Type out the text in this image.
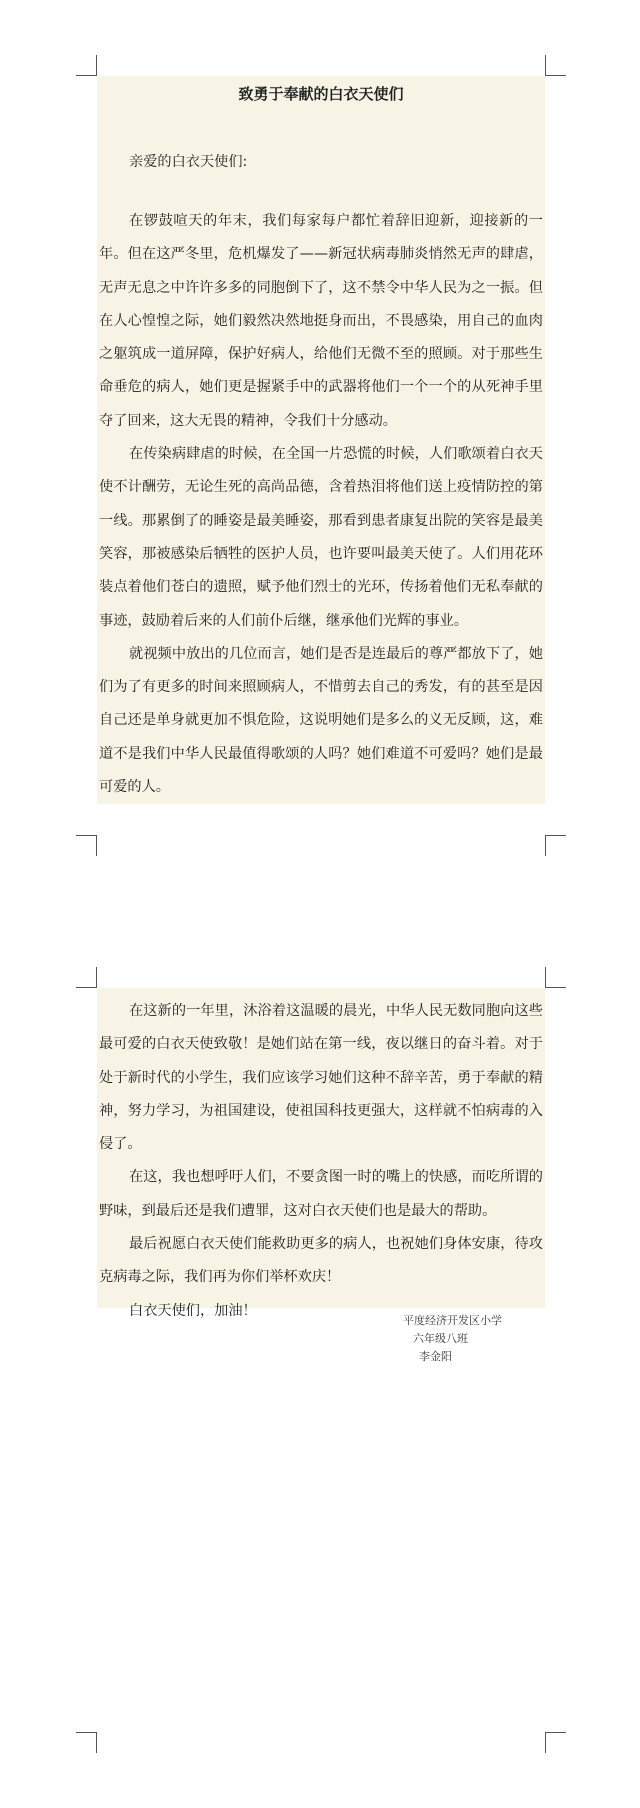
致勇于奉献的白衣天使们

亲爱的白衣天使们:

在锣鼓喧天的年末，我们每家每户都忙着辞旧迎新，迎接新的一年。但在这严冬里，危机爆发了——新冠状病毒肺炎悄然无声的肆虐，无声无息之中许许多多的同胞倒下了，这不禁令中华人民为之一振。但在人心惶惶之际，她们毅然决然地挺身而出，不畏感染，用自己的血肉之躯筑成一道屏障，保护好病人，给他们无微不至的照顾。对于那些生命垂危的病人，她们更是握紧手中的武器将他们一个一个的从死神手里夺了回来，这大无畏的精神，令我们十分感动。

在传染病肆虐的时候，在全国一片恐慌的时候，人们歌颂着白衣天使不计酬劳，无论生死的高尚品德，含着热泪将他们送上疫情防控的第一线。那累倒了的睡姿是最美睡姿，那看到患者康复出院的笑容是最美笑容，那被感染后牺牲的医护人员，也许要叫最美天使了。人们用花环装点着他们苍白的遗照，赋予他们烈士的光环，传扬着他们无私奉献的事迹，鼓励着后来的人们前仆后继，继承他们光辉的事业。

就视频中放出的几位而言，她们是否是连最后的尊严都放下了，她们为了有更多的时间来照顾病人，不惜剪去自己的秀发，有的甚至是因自己还是单身就更加不惧危险，这说明她们是多么的义无反顾，这，难道不是我们中华人民最值得歌颂的人吗？她们难道不可爱吗？她们是最可爱的人。

在这新的一年里，沐浴着这温暖的晨光，中华人民无数同胞向这些最可爱的白衣天使致敬！是她们站在第一线，夜以继日的奋斗着。对于处于新时代的小学生，我们应该学习她们这种不辞辛苦，勇于奉献的精神，努力学习，为祖国建设，使祖国科技更强大，这样就不怕病毒的入侵了。

在这，我也想呼吁人们，不要贪图一时的嘴上的快感，而吃所谓的野味，到最后还是我们遭罪，这对白衣天使们也是最大的帮助。

最后祝愿白衣天使们能救助更多的病人，也祝她们身体安康，待攻克病毒之际，我们再为你们举杯欢庆！

白衣天使们，加油！

平度经济开发区小学
六年级八班
李金阳
